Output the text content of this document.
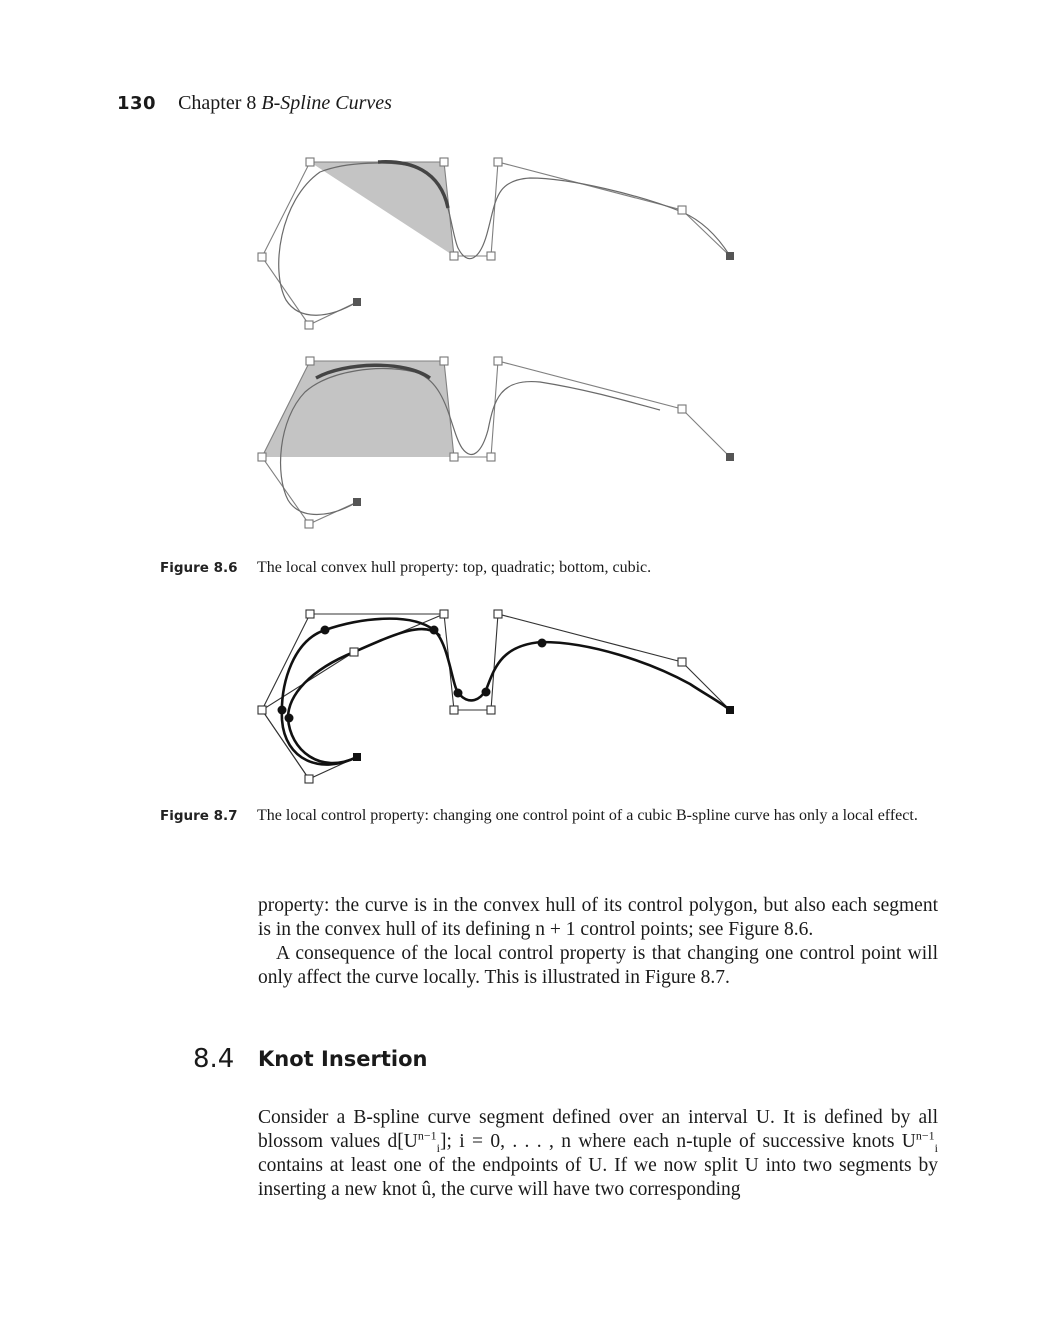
130 Chapter 8 B-Spline Curves
Figure 8.6 The local convex hull property: top, quadratic; bottom, cubic.
Figure 8.7 The local control property: changing one control point of a cubic B-spline curve has only a local effect.

property: the curve is in the convex hull of its control polygon, but also each segment is in the convex hull of its defining n + 1 control points; see Figure 8.6.

A consequence of the local control property is that changing one control point will only affect the curve locally. This is illustrated in Figure 8.7.

8.4 Knot Insertion

Consider a B-spline curve segment defined over an interval U. It is defined by all blossom values $d[U^{n-1}_i]$; i = 0, . . . , n where each n-tuple of successive knots $U^{n-1}_i$ contains at least one of the endpoints of U. If we now split U into two segments by inserting a new knot û, the curve will have two corresponding
